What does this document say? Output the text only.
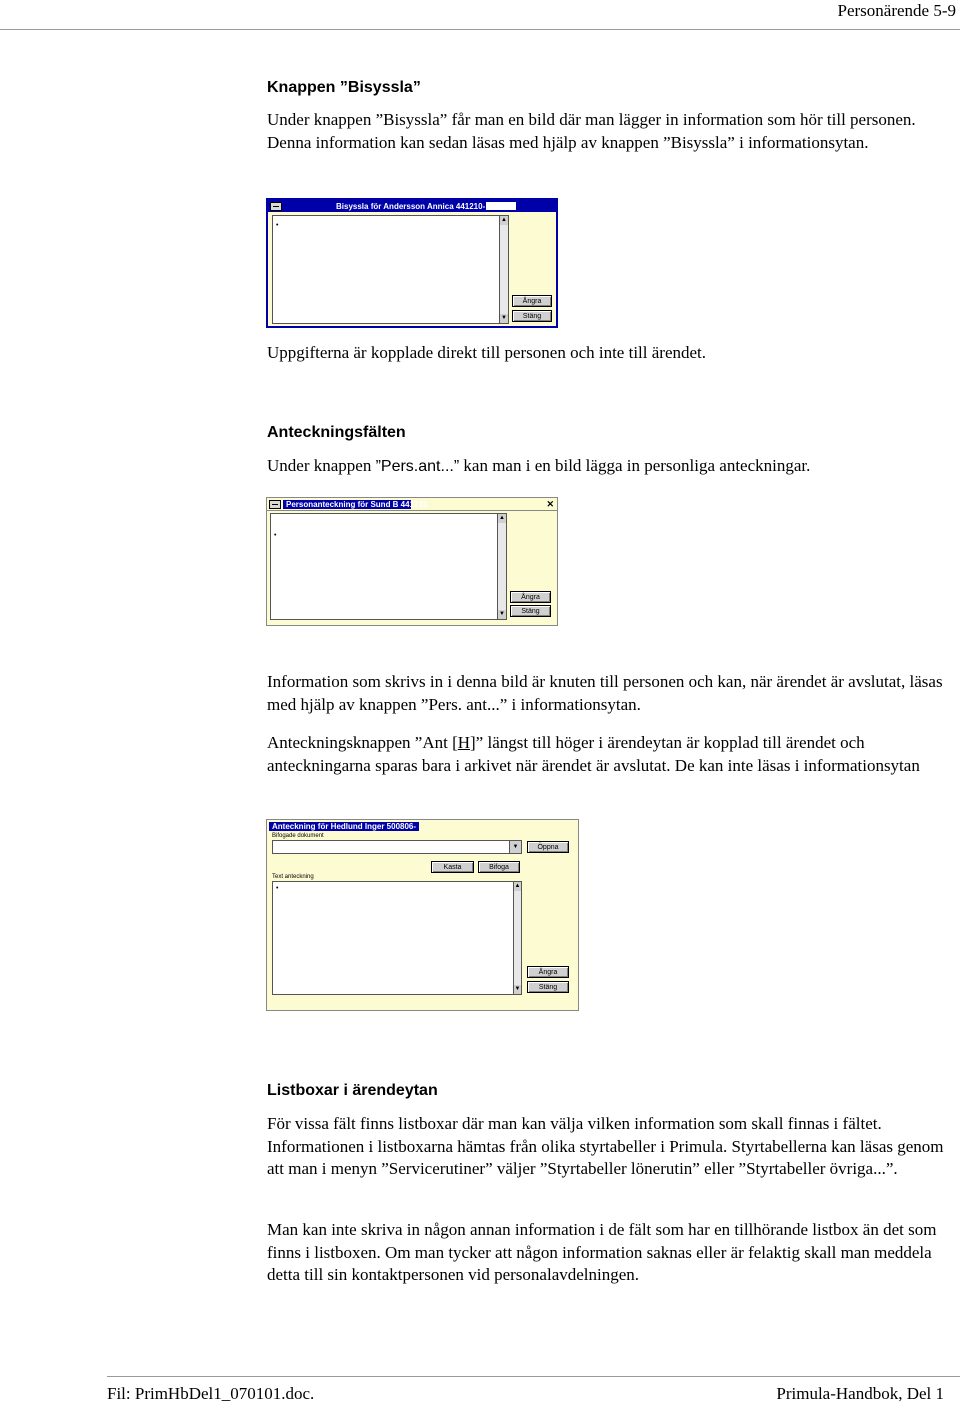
Personärende 5-9
Knappen ”Bisyssla”
Under knappen ”Bisyssla” får man en bild där man lägger in information som hör till personen. Denna information kan sedan läsas med hjälp av knappen ”Bisyssla” i informationsytan.
Bisyssla för Andersson Annica 441210-
•
▲
▼
Ångra
Stäng
Uppgifterna är kopplade direkt till personen och inte till ärendet.
Anteckningsfälten
Under knappen ”Pers.ant...” kan man i en bild lägga in personliga anteckningar.
Personanteckning för Sund B 441223	✕
•
▲
▼
Ångra
Stäng
Information som skrivs in i denna bild är knuten till personen och kan, när ärendet är avslutat, läsas med hjälp av knappen ”Pers. ant...” i informationsytan.
Anteckningsknappen ”Ant [H]” längst till höger i ärendeytan är kopplad till ärendet och anteckningarna sparas bara i arkivet när ärendet är avslutat. De kan inte läsas i informationsytan
Anteckning för Hedlund Inger 500806-
Bifogade dokument
▼	Öppna
Kasta	Bifoga
Text anteckning
•	▲
▼
Ångra
Stäng
Listboxar i ärendeytan
För vissa fält finns listboxar där man kan välja vilken information som skall finnas i fältet. Informationen i listboxarna hämtas från olika styrtabeller i Primula. Styrtabellerna kan läsas genom att man i menyn ”Servicerutiner” väljer ”Styrtabeller lönerutin” eller ”Styrtabeller övriga...”.
Man kan inte skriva in någon annan information i de fält som har en tillhörande listbox än det som finns i listboxen. Om man tycker att någon information saknas eller är felaktig skall man meddela detta till sin kontaktpersonen vid personalavdelningen.
Fil: PrimHbDel1_070101.doc.	Primula-Handbok, Del 1
